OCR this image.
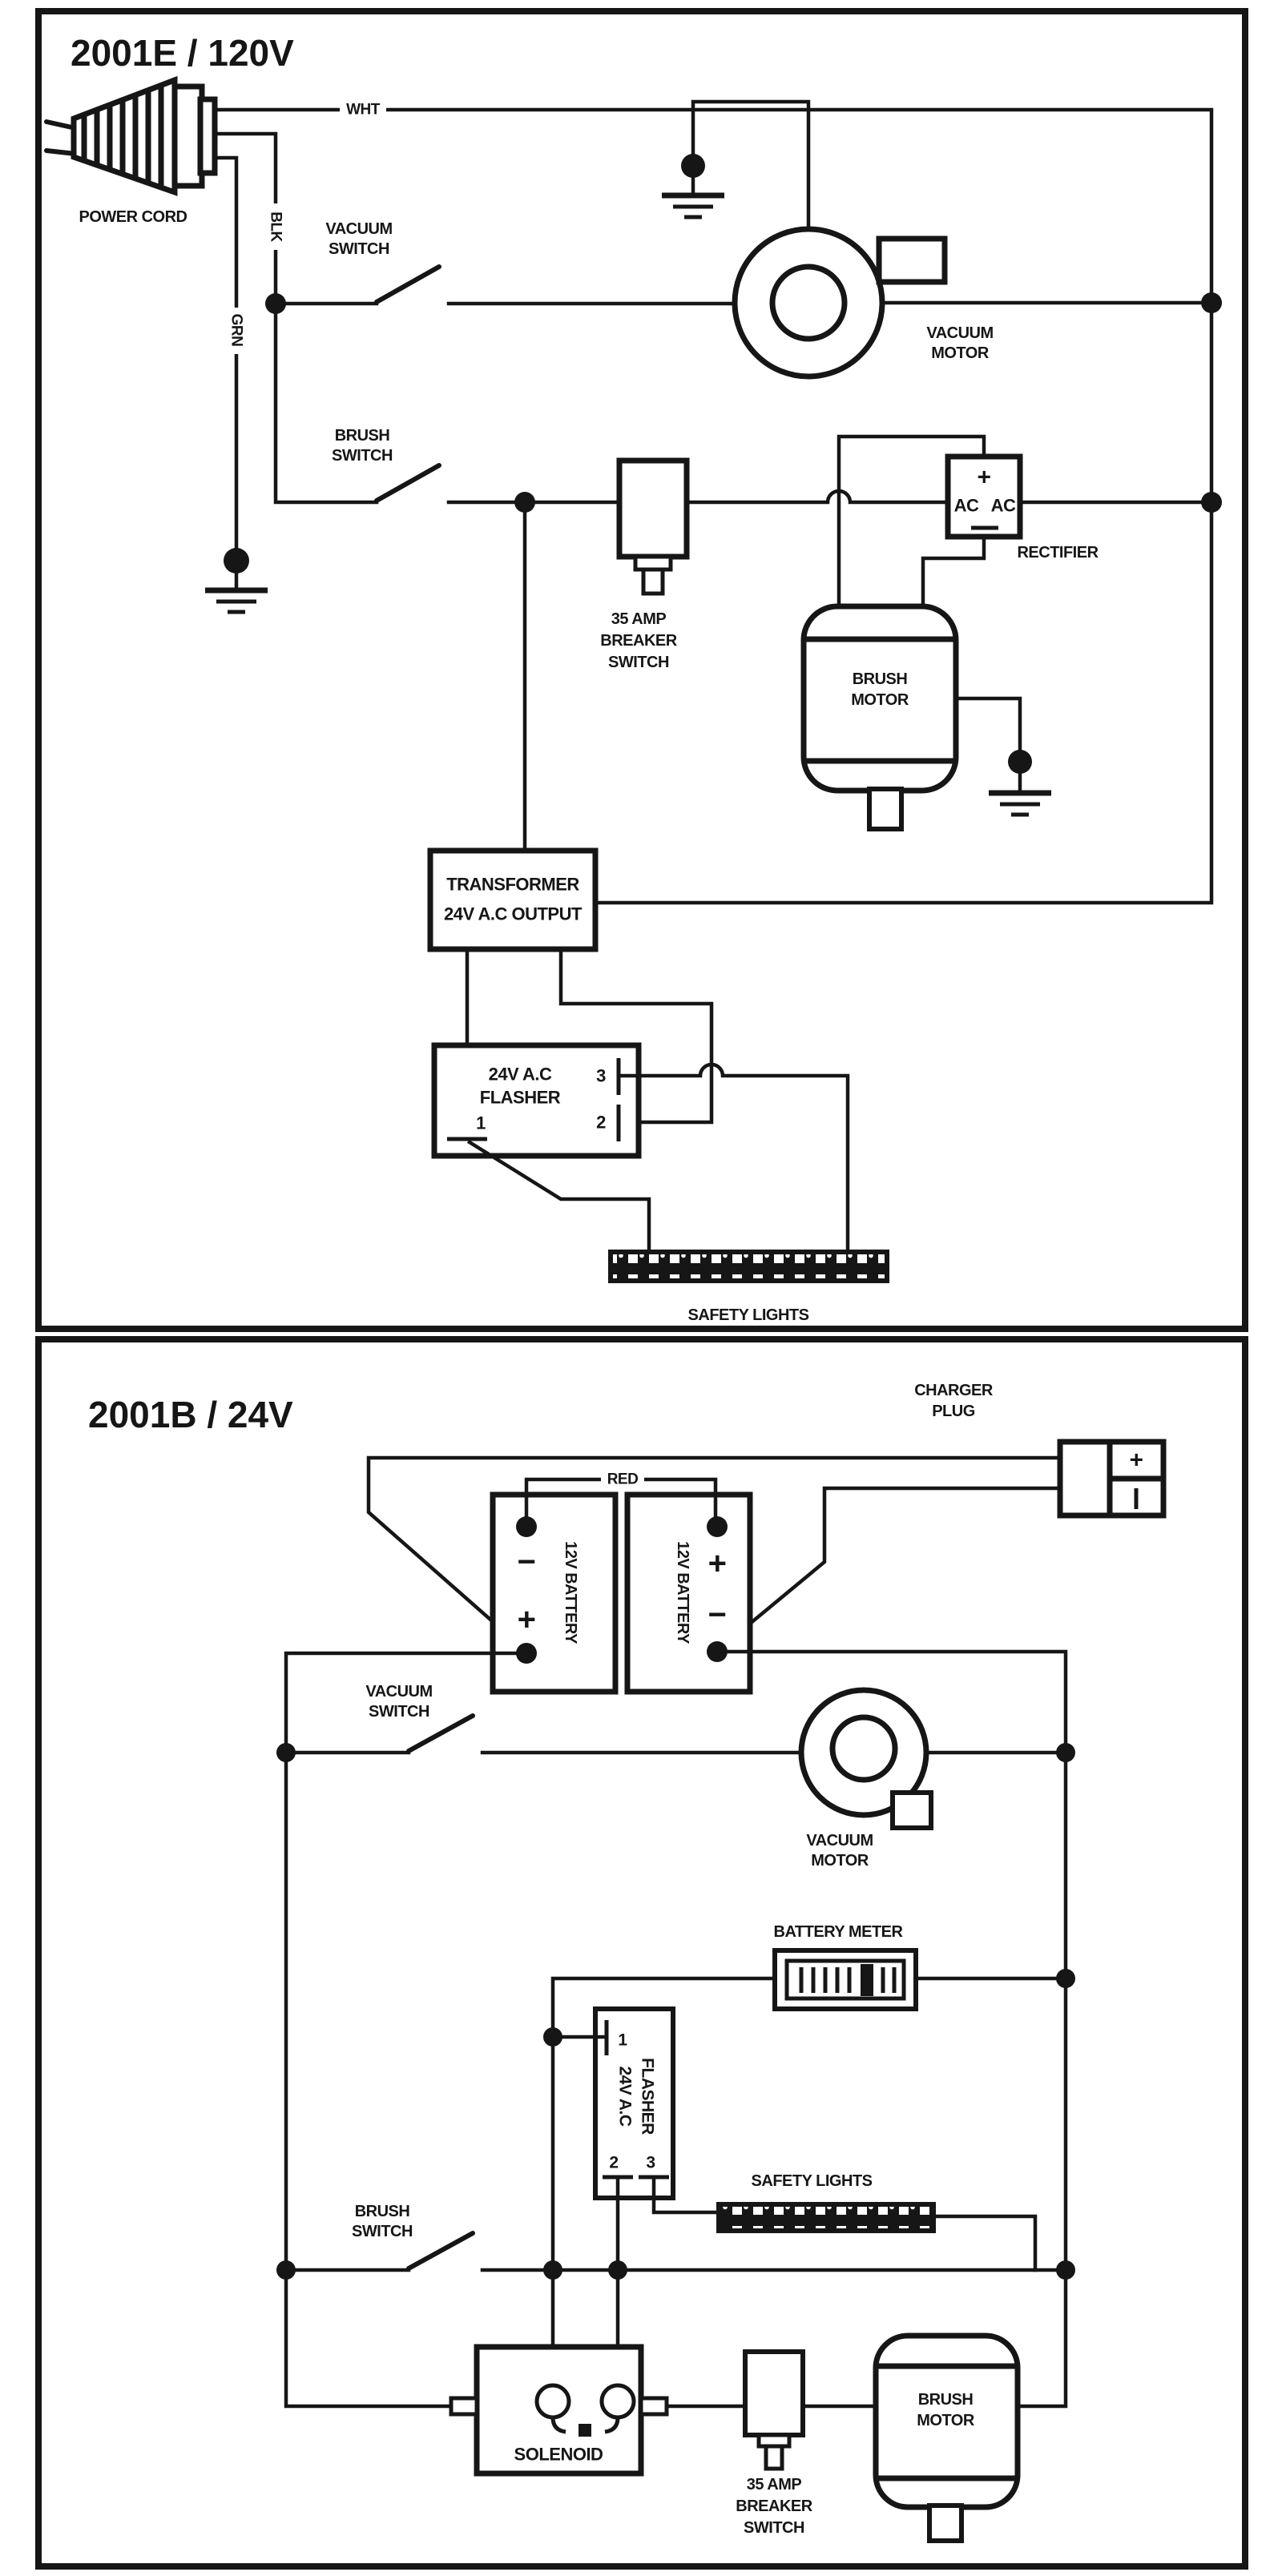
2001E / 120V
POWER CORD
WHT
BLK
GRN
VACUUM
SWITCH
VACUUM
MOTOR
BRUSH
SWITCH
35 AMP
BREAKER
SWITCH
+
AC AC
RECTIFIER
BRUSH
MOTOR
TRANSFORMER
24V A.C OUTPUT
24V A.C
FLASHER
1
3
2
SAFETY LIGHTS
2001B / 24V
CHARGER
PLUG
+
12V BATTERY
−
+	12V BATTERY +
−
RED
VACUUM
SWITCH
VACUUM
MOTOR
BATTERY METER
24V A.C FLASHER
1
2 3
SAFETY LIGHTS
BRUSH
SWITCH
SOLENOID
35 AMP
BREAKER
SWITCH
BRUSH
MOTOR
